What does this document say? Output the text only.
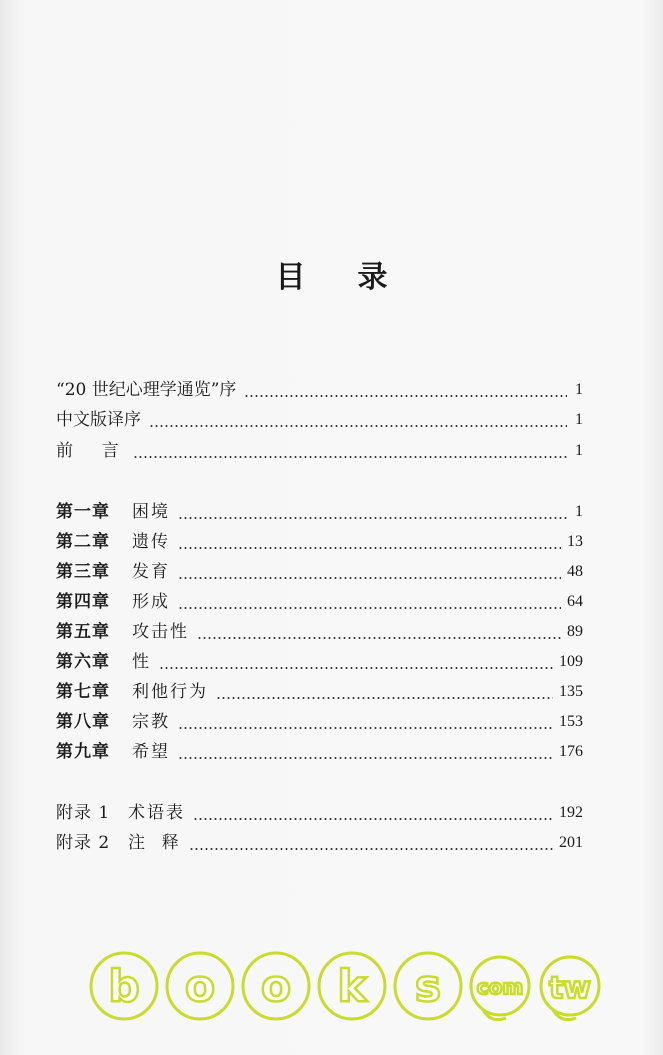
目 录
“20 世纪心理学通览”序	1
中文版译序	1
前  言	1
第一章 困境	1
第二章 遗传	13
第三章 发育	48
第四章 形成	64
第五章 攻击性	89
第六章 性	109
第七章 利他行为	135
第八章 宗教	153
第九章 希望	176
附录 1 术语表	192
附录 2 注  释	201
b o o k s com tw
